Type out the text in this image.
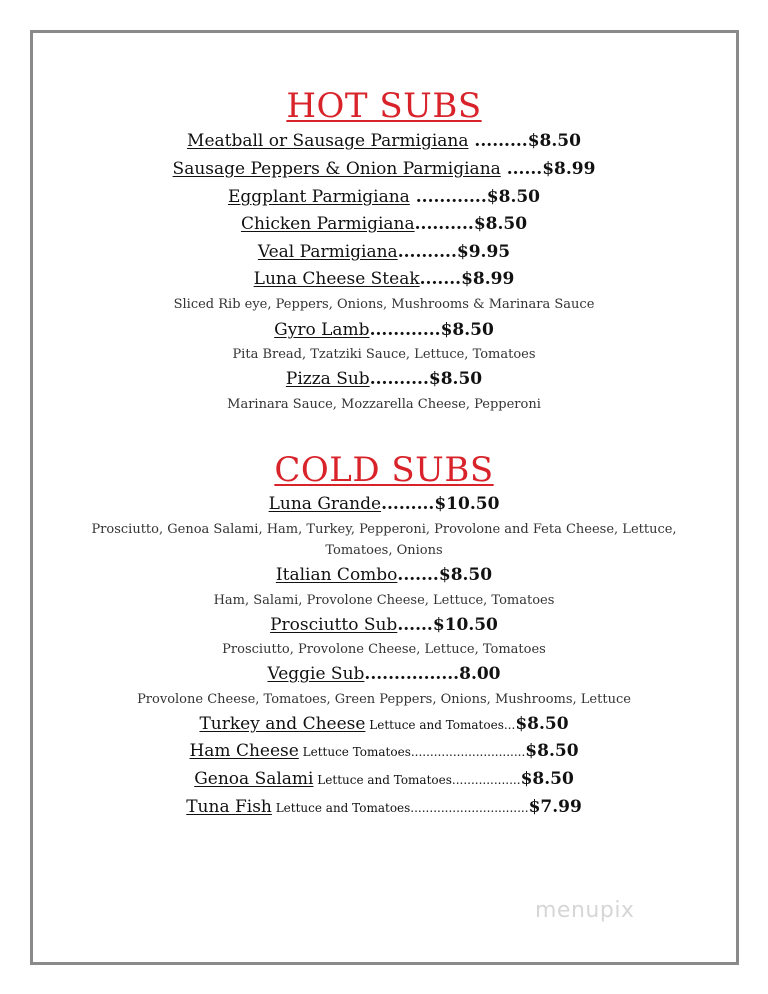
HOT SUBS
Meatball or Sausage Parmigiana .........$8.50
Sausage Peppers & Onion Parmigiana ......$8.99
Eggplant Parmigiana ............$8.50
Chicken Parmigiana..........$8.50
Veal Parmigiana..........$9.95
Luna Cheese Steak.......$8.99
Sliced Rib eye, Peppers, Onions, Mushrooms & Marinara Sauce
Gyro Lamb............$8.50
Pita Bread, Tzatziki Sauce, Lettuce, Tomatoes
Pizza Sub..........$8.50
Marinara Sauce, Mozzarella Cheese, Pepperoni
COLD SUBS
Luna Grande.........$10.50
Prosciutto, Genoa Salami, Ham, Turkey, Pepperoni, Provolone and Feta Cheese, Lettuce, Tomatoes, Onions
Italian Combo.......$8.50
Ham, Salami, Provolone Cheese, Lettuce, Tomatoes
Prosciutto Sub......$10.50
Prosciutto, Provolone Cheese, Lettuce, Tomatoes
Veggie Sub................8.00
Provolone Cheese, Tomatoes, Green Peppers, Onions, Mushrooms, Lettuce
Turkey and Cheese Lettuce and Tomatoes...$8.50
Ham Cheese Lettuce Tomatoes..............................$8.50
Genoa Salami Lettuce and Tomatoes..................$8.50
Tuna Fish Lettuce and Tomatoes...............................$7.99
menupix
